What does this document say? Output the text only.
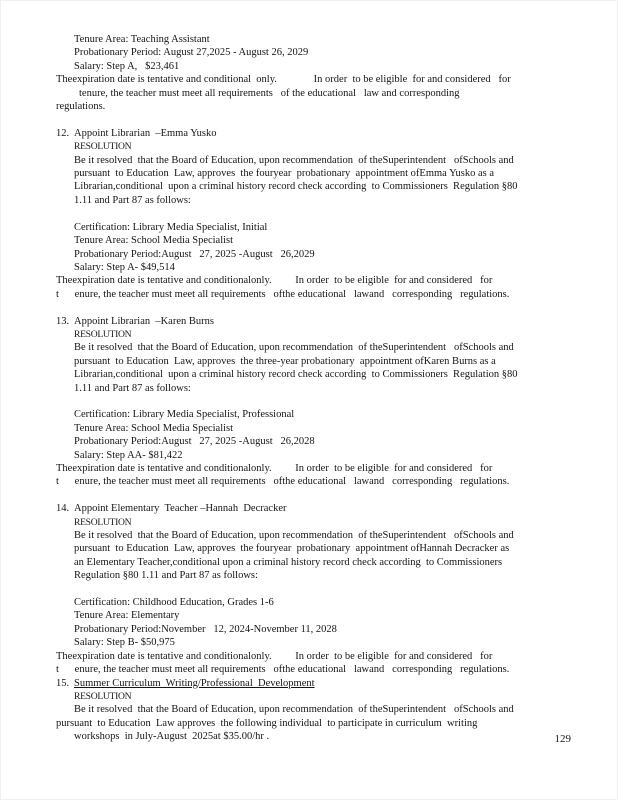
Tenure Area: Teaching Assistant
Probationary Period: August 27,2025 - August 26, 2029
Salary: Step A,   $23,461
Theexpiration date is tentative and conditional  only.              In order  to be eligible  for and considered   for
tenure, the teacher must meet all requirements   of the educational   law and corresponding
regulations.

12. Appoint Librarian  –Emma Yusko
RESOLUTION
Be it resolved  that the Board of Education, upon recommendation  of theSuperintendent   ofSchools and
pursuant  to Education  Law, approves  the fouryear  probationary  appointment ofEmma Yusko as a
Librarian,conditional  upon a criminal history record check according  to Commissioners  Regulation §80
1.11 and Part 87 as follows:

Certification: Library Media Specialist, Initial
Tenure Area: School Media Specialist
Probationary Period:August   27, 2025 -August   26,2029
Salary: Step A- $49,514
Theexpiration date is tentative and conditionalonly.         In order  to be eligible  for and considered   for
t      enure, the teacher must meet all requirements   ofthe educational   lawand   corresponding   regulations.

13. Appoint Librarian  –Karen Burns
RESOLUTION
Be it resolved  that the Board of Education, upon recommendation  of theSuperintendent   ofSchools and
pursuant  to Education  Law, approves  the three-year probationary  appointment ofKaren Burns as a
Librarian,conditional  upon a criminal history record check according  to Commissioners  Regulation §80
1.11 and Part 87 as follows:

Certification: Library Media Specialist, Professional
Tenure Area: School Media Specialist
Probationary Period:August   27, 2025 -August   26,2028
Salary: Step AA- $81,422
Theexpiration date is tentative and conditionalonly.         In order  to be eligible  for and considered   for
t      enure, the teacher must meet all requirements   ofthe educational   lawand   corresponding   regulations.

14. Appoint Elementary  Teacher –Hannah  Decracker
RESOLUTION
Be it resolved  that the Board of Education, upon recommendation  of theSuperintendent   ofSchools and
pursuant  to Education  Law, approves  the fouryear  probationary  appointment ofHannah Decracker as
an Elementary Teacher,conditional upon a criminal history record check according  to Commissioners
Regulation §80 1.11 and Part 87 as follows:

Certification: Childhood Education, Grades 1-6
Tenure Area: Elementary
Probationary Period:November   12, 2024-November 11, 2028
Salary: Step B- $50,975
Theexpiration date is tentative and conditionalonly.         In order  to be eligible  for and considered   for
t      enure, the teacher must meet all requirements   ofthe educational   lawand   corresponding   regulations.
15. Summer Curriculum  Writing/Professional  Development
RESOLUTION
Be it resolved  that the Board of Education, upon recommendation  of theSuperintendent   ofSchools and
pursuant  to Education  Law approves  the following individual  to participate in curriculum  writing
workshops  in July-August  2025at $35.00/hr .	129
